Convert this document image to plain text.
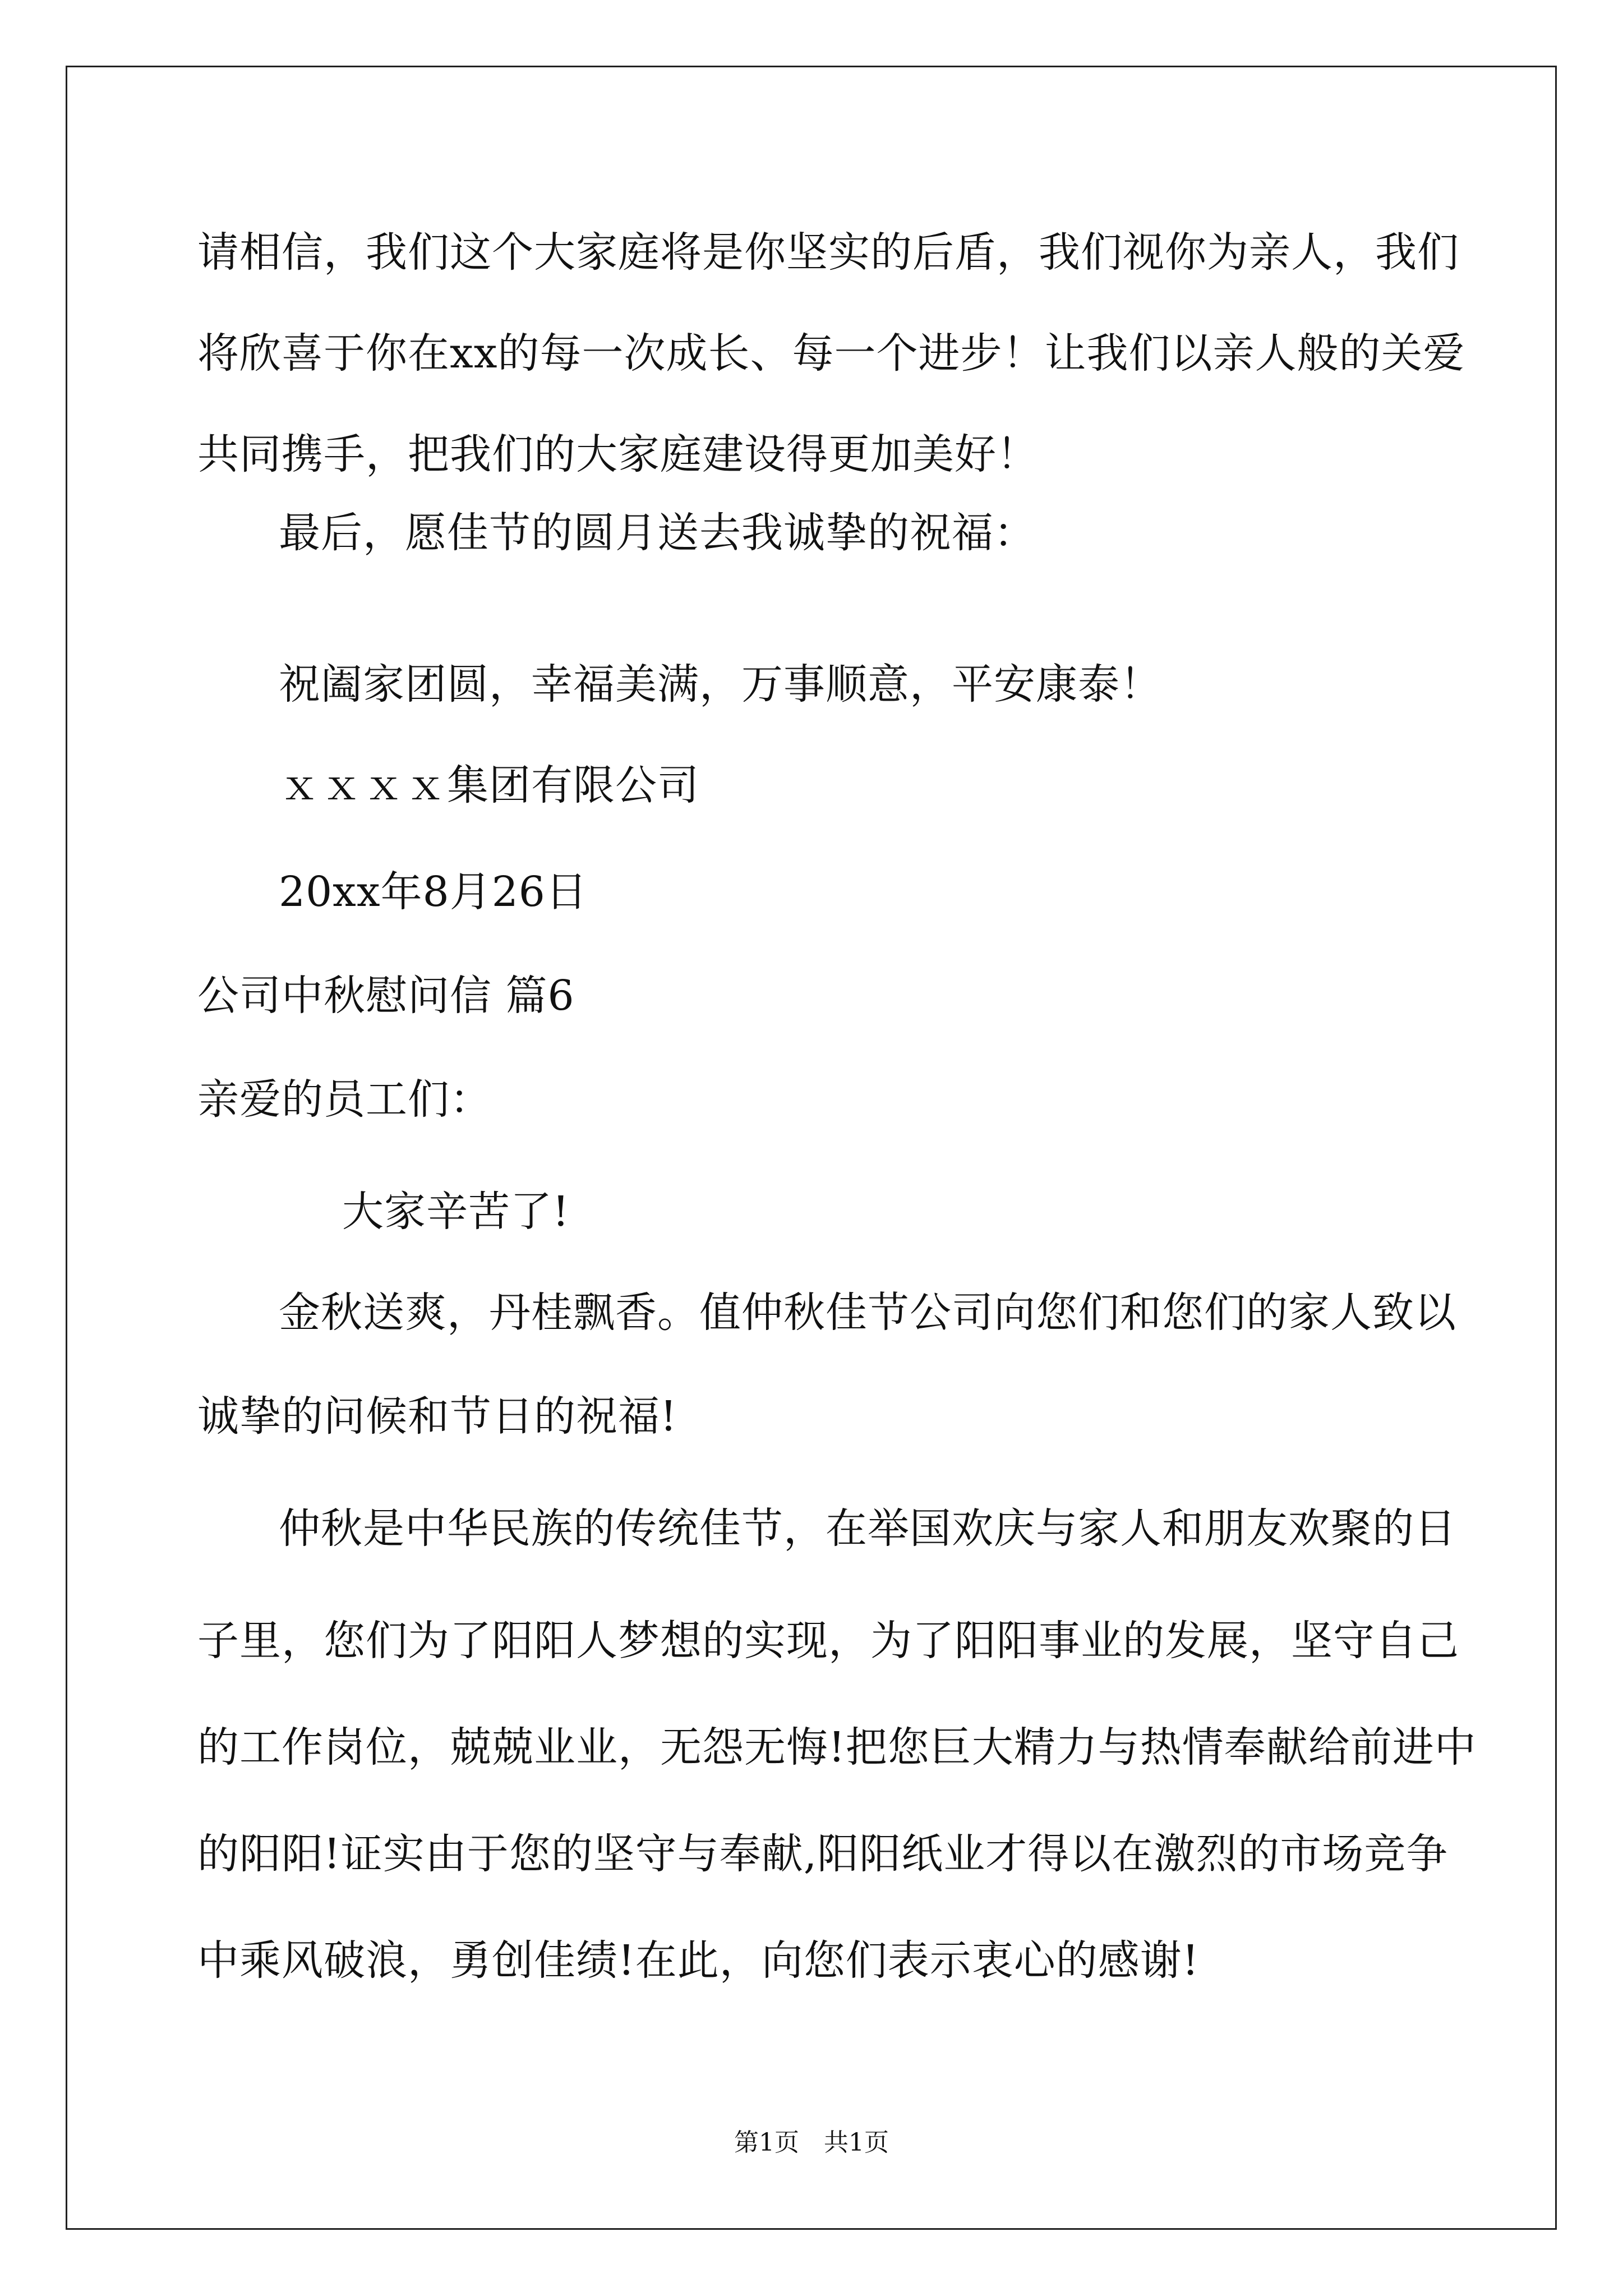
请相信，我们这个大家庭将是你坚实的后盾，我们视你为亲人，我们
将欣喜于你在xx的每一次成长、每一个进步！让我们以亲人般的关爱
共同携手，把我们的大家庭建设得更加美好！
最后，愿佳节的圆月送去我诚挚的祝福：
祝阖家团圆，幸福美满，万事顺意，平安康泰！
ｘｘｘｘ集团有限公司
20xx年8月26日
公司中秋慰问信 篇6
亲爱的员工们：
大家辛苦了!
金秋送爽，丹桂飘香。值仲秋佳节公司向您们和您们的家人致以
诚挚的问候和节日的祝福!
仲秋是中华民族的传统佳节，在举国欢庆与家人和朋友欢聚的日
子里，您们为了阳阳人梦想的实现，为了阳阳事业的发展，坚守自己
的工作岗位，兢兢业业，无怨无悔!把您巨大精力与热情奉献给前进中
的阳阳!证实由于您的坚守与奉献,阳阳纸业才得以在激烈的市场竞争
中乘风破浪，勇创佳绩!在此，向您们表示衷心的感谢!
第1页　共1页
